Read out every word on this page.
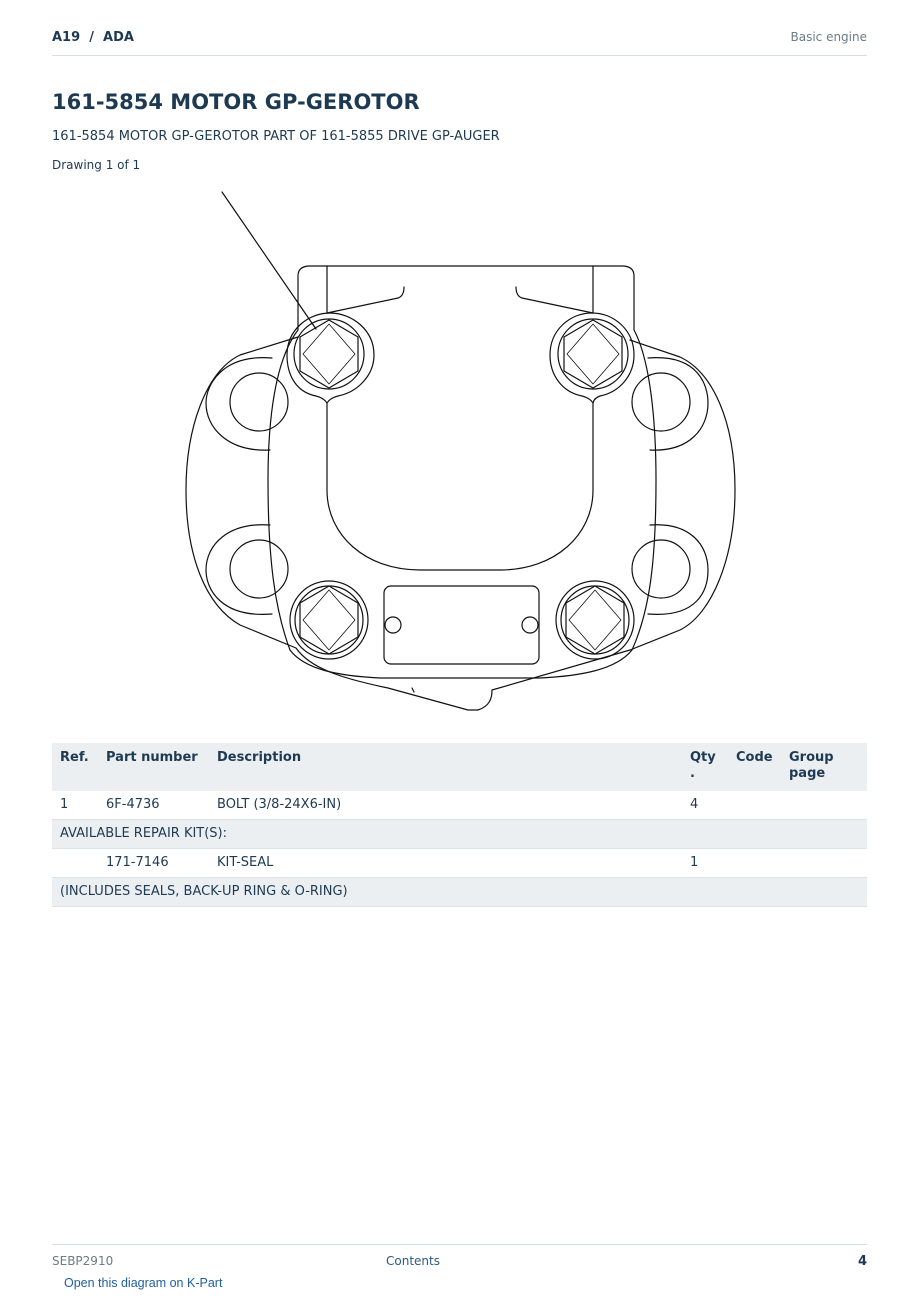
A19  /  ADA	Basic engine
161-5854 MOTOR GP-GEROTOR
161-5854 MOTOR GP-GEROTOR PART OF 161-5855 DRIVE GP-AUGER
Drawing 1 of 1
Ref.	Part number	Description	Qty .	Code	Group page
1	6F-4736	BOLT (3/8-24X6-IN)	4		
AVAILABLE REPAIR KIT(S):					
	171-7146	KIT-SEAL	1		
(INCLUDES SEALS, BACK-UP RING & O-RING)					
SEBP2910	Contents	4
Open this diagram on K-Part
